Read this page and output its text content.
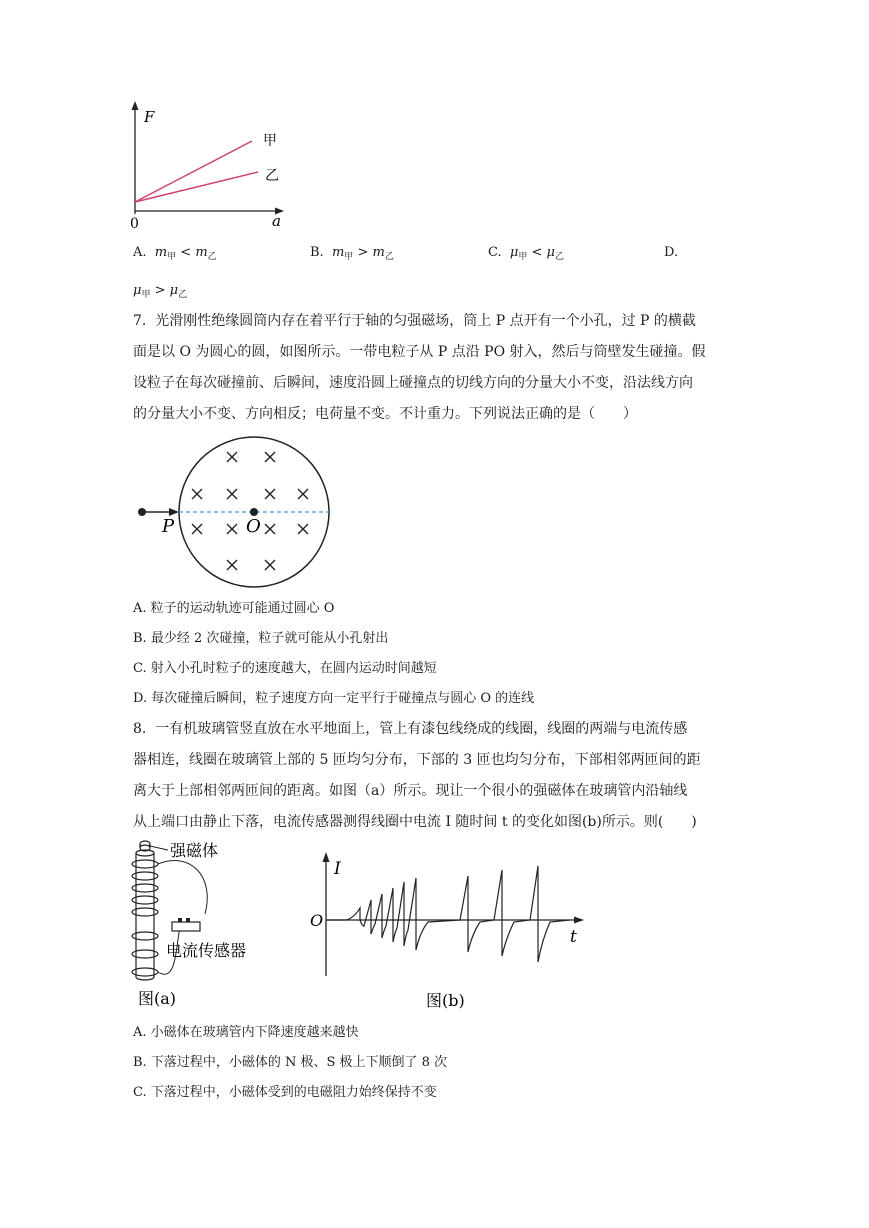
F
a
0
甲
乙
A. $m_甲 < m_乙$	B. $m_甲 > m_乙$	C. $\mu_甲 < \mu_乙$	D.
$\mu_甲 > \mu_乙$
7. 光滑刚性绝缘圆筒内存在着平行于轴的匀强磁场，筒上 P 点开有一个小孔，过 P 的横截
面是以 O 为圆心的圆，如图所示。一带电粒子从 P 点沿 PO 射入，然后与筒壁发生碰撞。假
设粒子在每次碰撞前、后瞬间，速度沿圆上碰撞点的切线方向的分量大小不变，沿法线方向
的分量大小不变、方向相反；电荷量不变。不计重力。下列说法正确的是（　　）
P	O
A. 粒子的运动轨迹可能通过圆心 O
B. 最少经 2 次碰撞，粒子就可能从小孔射出
C. 射入小孔时粒子的速度越大，在圆内运动时间越短
D. 每次碰撞后瞬间，粒子速度方向一定平行于碰撞点与圆心 O 的连线
8. 一有机玻璃管竖直放在水平地面上，管上有漆包线绕成的线圈，线圈的两端与电流传感
器相连，线圈在玻璃管上部的 5 匝均匀分布，下部的 3 匝也均匀分布，下部相邻两匝间的距
离大于上部相邻两匝间的距离。如图（a）所示。现让一个很小的强磁体在玻璃管内沿轴线
从上端口由静止下落，电流传感器测得线圈中电流 I 随时间 t 的变化如图(b)所示。则(　　)
强磁体
电流传感器
图(a)
I
t
O
图(b)
A. 小磁体在玻璃管内下降速度越来越快
B. 下落过程中，小磁体的 N 极、S 极上下顺倒了 8 次
C. 下落过程中，小磁体受到的电磁阻力始终保持不变
